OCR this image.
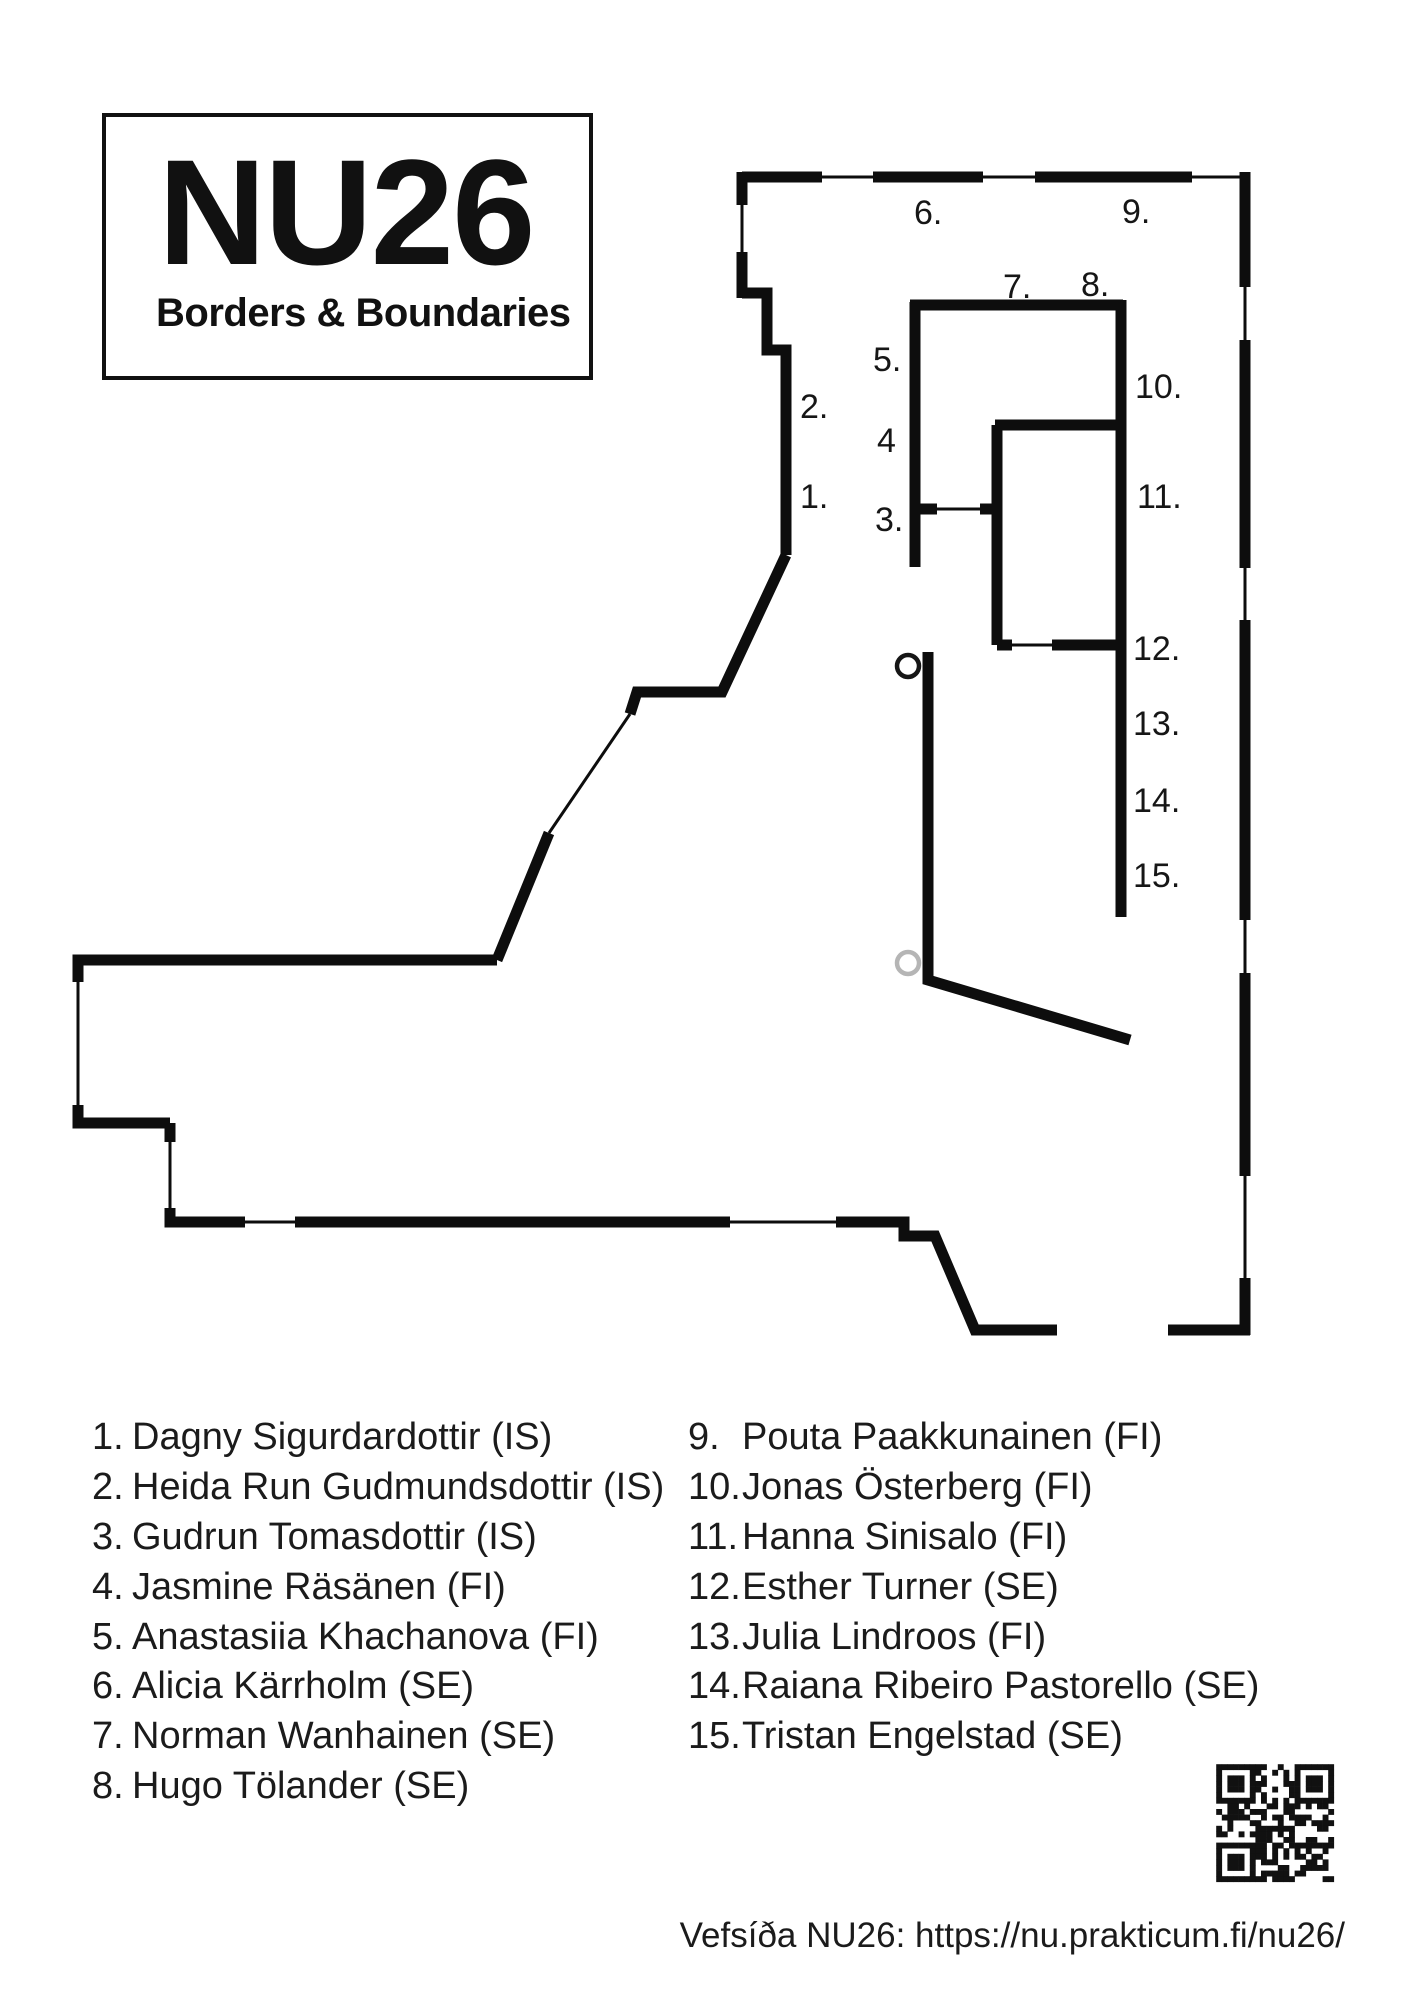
NU26
Borders & Boundaries
1.
2.
3.
4
5.
6.
7. 8.
9.
10.
11.
12.
13.
14.
15.
1. Dagny Sigurdardottir (IS)
2. Heida Run Gudmundsdottir (IS)
3. Gudrun Tomasdottir (IS)
4. Jasmine Räsänen (FI)
5. Anastasiia Khachanova (FI)
6. Alicia Kärrholm (SE)
7. Norman Wanhainen (SE)
8. Hugo Tölander (SE)
9. Pouta Paakkunainen (FI)
10. Jonas Österberg (FI)
11. Hanna Sinisalo (FI)
12. Esther Turner (SE)
13. Julia Lindroos (FI)
14. Raiana Ribeiro Pastorello (SE)
15. Tristan Engelstad (SE)
Vefsíða NU26: https://nu.prakticum.fi/nu26/
